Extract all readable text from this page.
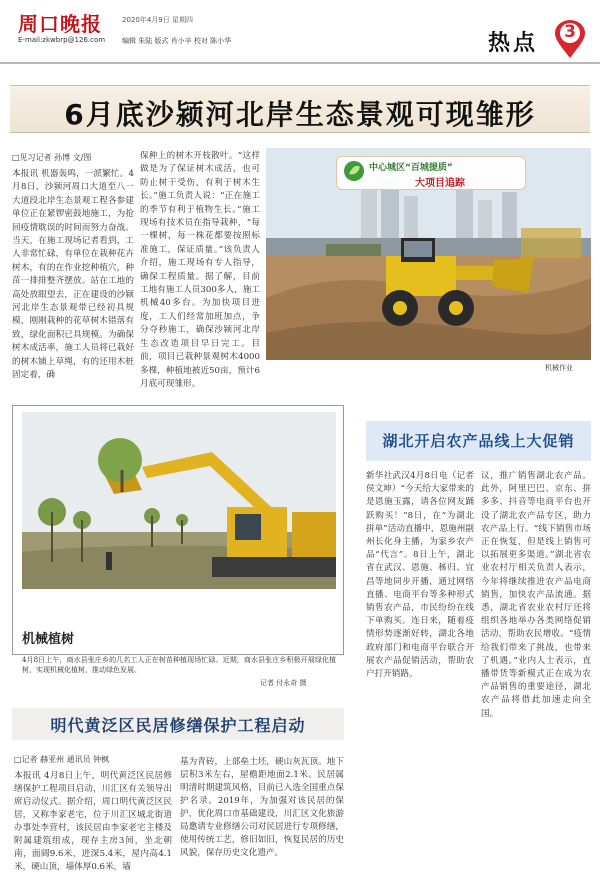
周口晚报	2020年4月9日 星期四
E-mail:zkwbrp@126.com 编辑 朱陆 版式 肖小辛 校对 陈小华	热点	3
6月底沙颍河北岸生态景观可现雏形
□见习记者 孙博 文/图
本报讯 机器轰鸣，一派繁忙。4月8日，沙颍河周口大道至八一大道段北岸生态景观工程各参建单位正在紧锣密鼓地施工，为抢回疫情耽误的时间而努力奋战。当天，在施工现场记者看到，工人非常忙碌，有单位在栽种花卉树木，有的在作业挖种植穴，种苗一排排整齐摆放。站在工地的高处放眼望去，正在建设的沙颍河北岸生态景观带已经初具规模，刚刚栽种的花草树木错落有致，绿化面积已具规模。为确保树木成活率，施工人员将已栽好的树木铺上草绳，有的还用木桩固定着，确
保种上的树木开枝散叶。“这样做是为了保证树木成活，也可防止树干受伤，有利于树木生长。”施工负责人说：“正在施工的季节有利于植物生长。”施工现场有技术员在指导栽种，“每一棵树，每一株花都要按照标准施工，保证质量。”该负责人介绍，施工现场有专人指导，确保工程质量。据了解，目前工地有施工人员300多人，施工机械40多台。为加快项目进度，工人们经常加班加点，争分夺秒施工，确保沙颍河北岸生态改造项目早日完工。目前，项目已栽种景观树木4000多棵，种植地被近50亩，预计6月底可现雏形。
中心城区“百城提质”
大项目追踪
机械作业
机械植树
4月8日上午，商水县张庄乡的几名工人正在树苗种植现场忙碌。近期，商水县张庄乡积极开展绿化植树，实现机械化植树，推动绿色发展。
记者 付永奇 摄
湖北开启农产品线上大促销
新华社武汉4月8日电（记者 侯文坤）“今天给大家带来的是恩施玉露，请各位网友踊跃购买！”8日，在“为湖北拼单”活动直播中，恩施州副州长化身主播，为家乡农产品“代言”。8日上午，湖北省在武汉、恩施、秭归、宜昌等地同步开播，通过网络直播、电商平台等多种形式销售农产品，市民纷纷在线下单购买。连日来，随着疫情形势逐渐好转，湖北各地政府部门和电商平台联合开展农产品促销活动，帮助农户打开销路。
议，推广销售湖北农产品。此外，阿里巴巴、京东、拼多多、抖音等电商平台也开设了湖北农产品专区，助力农产品上行。“线下销售市场正在恢复，但是线上销售可以拓展更多渠道。”湖北省农业农村厅相关负责人表示，今年将继续推进农产品电商销售，加快农产品流通。据悉，湖北省农业农村厅还将组织各地举办各类网络促销活动，帮助农民增收。“疫情给我们带来了挑战，也带来了机遇。”业内人士表示，直播带货等新模式正在成为农产品销售的重要途径，湖北农产品将借此加速走向全国。
明代黄泛区民居修缮保护工程启动
□记者 赫亚州 通讯员 钟枫
本报讯 4月8日上午，明代黄泛区民居修缮保护工程项目启动，川汇区有关领导出席启动仪式。据介绍，周口明代黄泛区民居，又称李家老宅，位于川汇区城北街道办事处李营村，该民居由李家老宅主楼及附属建筑组成，现存主房3间，坐北朝南，面阔9.6米，进深5.4米，屋内高4.1米，硬山顶，墙体厚0.6米，墙
基为青砖，上部垒土坯，硬山灰瓦顶。地下层积3米左右，屋檐距地面2.1米。民居属明清时期建筑风格，目前已入选全国重点保护名录。2019年，为加强对该民居的保护，优化周口市基础建设，川汇区文化旅游局邀请专业修缮公司对民居进行专项修缮，使用传统工艺，修旧如旧，恢复民居的历史风貌，保存历史文化遗产。
